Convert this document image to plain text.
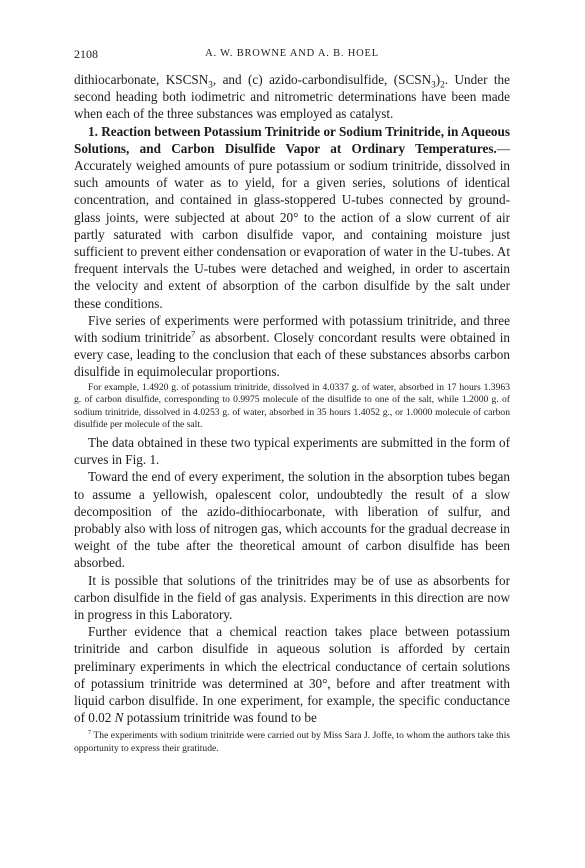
2108	A. W. BROWNE AND A. B. HOEL

dithiocarbonate, $KSCSN_3$, and (c) azido-carbondisulfide, $(SCSN_3)_2$. Under the second heading both iodimetric and nitrometric determinations have been made when each of the three substances was employed as catalyst.

1. Reaction between Potassium Trinitride or Sodium Trinitride, in Aqueous Solutions, and Carbon Disulfide Vapor at Ordinary Temperatures.—Accurately weighed amounts of pure potassium or sodium trinitride, dissolved in such amounts of water as to yield, for a given series, solutions of identical concentration, and contained in glass-stoppered U-tubes connected by ground-glass joints, were subjected at about 20° to the action of a slow current of air partly saturated with carbon disulfide vapor, and containing moisture just sufficient to prevent either condensation or evaporation of water in the U-tubes. At frequent intervals the U-tubes were detached and weighed, in order to ascertain the velocity and extent of absorption of the carbon disulfide by the salt under these conditions.

Five series of experiments were performed with potassium trinitride, and three with sodium trinitride$^7$ as absorbent. Closely concordant results were obtained in every case, leading to the conclusion that each of these substances absorbs carbon disulfide in equimolecular proportions.

For example, 1.4920 g. of potassium trinitride, dissolved in 4.0337 g. of water, absorbed in 17 hours 1.3963 g. of carbon disulfide, corresponding to 0.9975 molecule of the disulfide to one of the salt, while 1.2000 g. of sodium trinitride, dissolved in 4.0253 g. of water, absorbed in 35 hours 1.4052 g., or 1.0000 molecule of carbon disulfide per molecule of the salt.

The data obtained in these two typical experiments are submitted in the form of curves in Fig. 1.

Toward the end of every experiment, the solution in the absorption tubes began to assume a yellowish, opalescent color, undoubtedly the result of a slow decomposition of the azido-dithiocarbonate, with liberation of sulfur, and probably also with loss of nitrogen gas, which accounts for the gradual decrease in weight of the tube after the theoretical amount of carbon disulfide has been absorbed.

It is possible that solutions of the trinitrides may be of use as absorbents for carbon disulfide in the field of gas analysis. Experiments in this direction are now in progress in this Laboratory.

Further evidence that a chemical reaction takes place between potassium trinitride and carbon disulfide in aqueous solution is afforded by certain preliminary experiments in which the electrical conductance of certain solutions of potassium trinitride was determined at 30°, before and after treatment with liquid carbon disulfide. In one experiment, for example, the specific conductance of 0.02 N potassium trinitride was found to be

$^7$ The experiments with sodium trinitride were carried out by Miss Sara J. Joffe, to whom the authors take this opportunity to express their gratitude.
